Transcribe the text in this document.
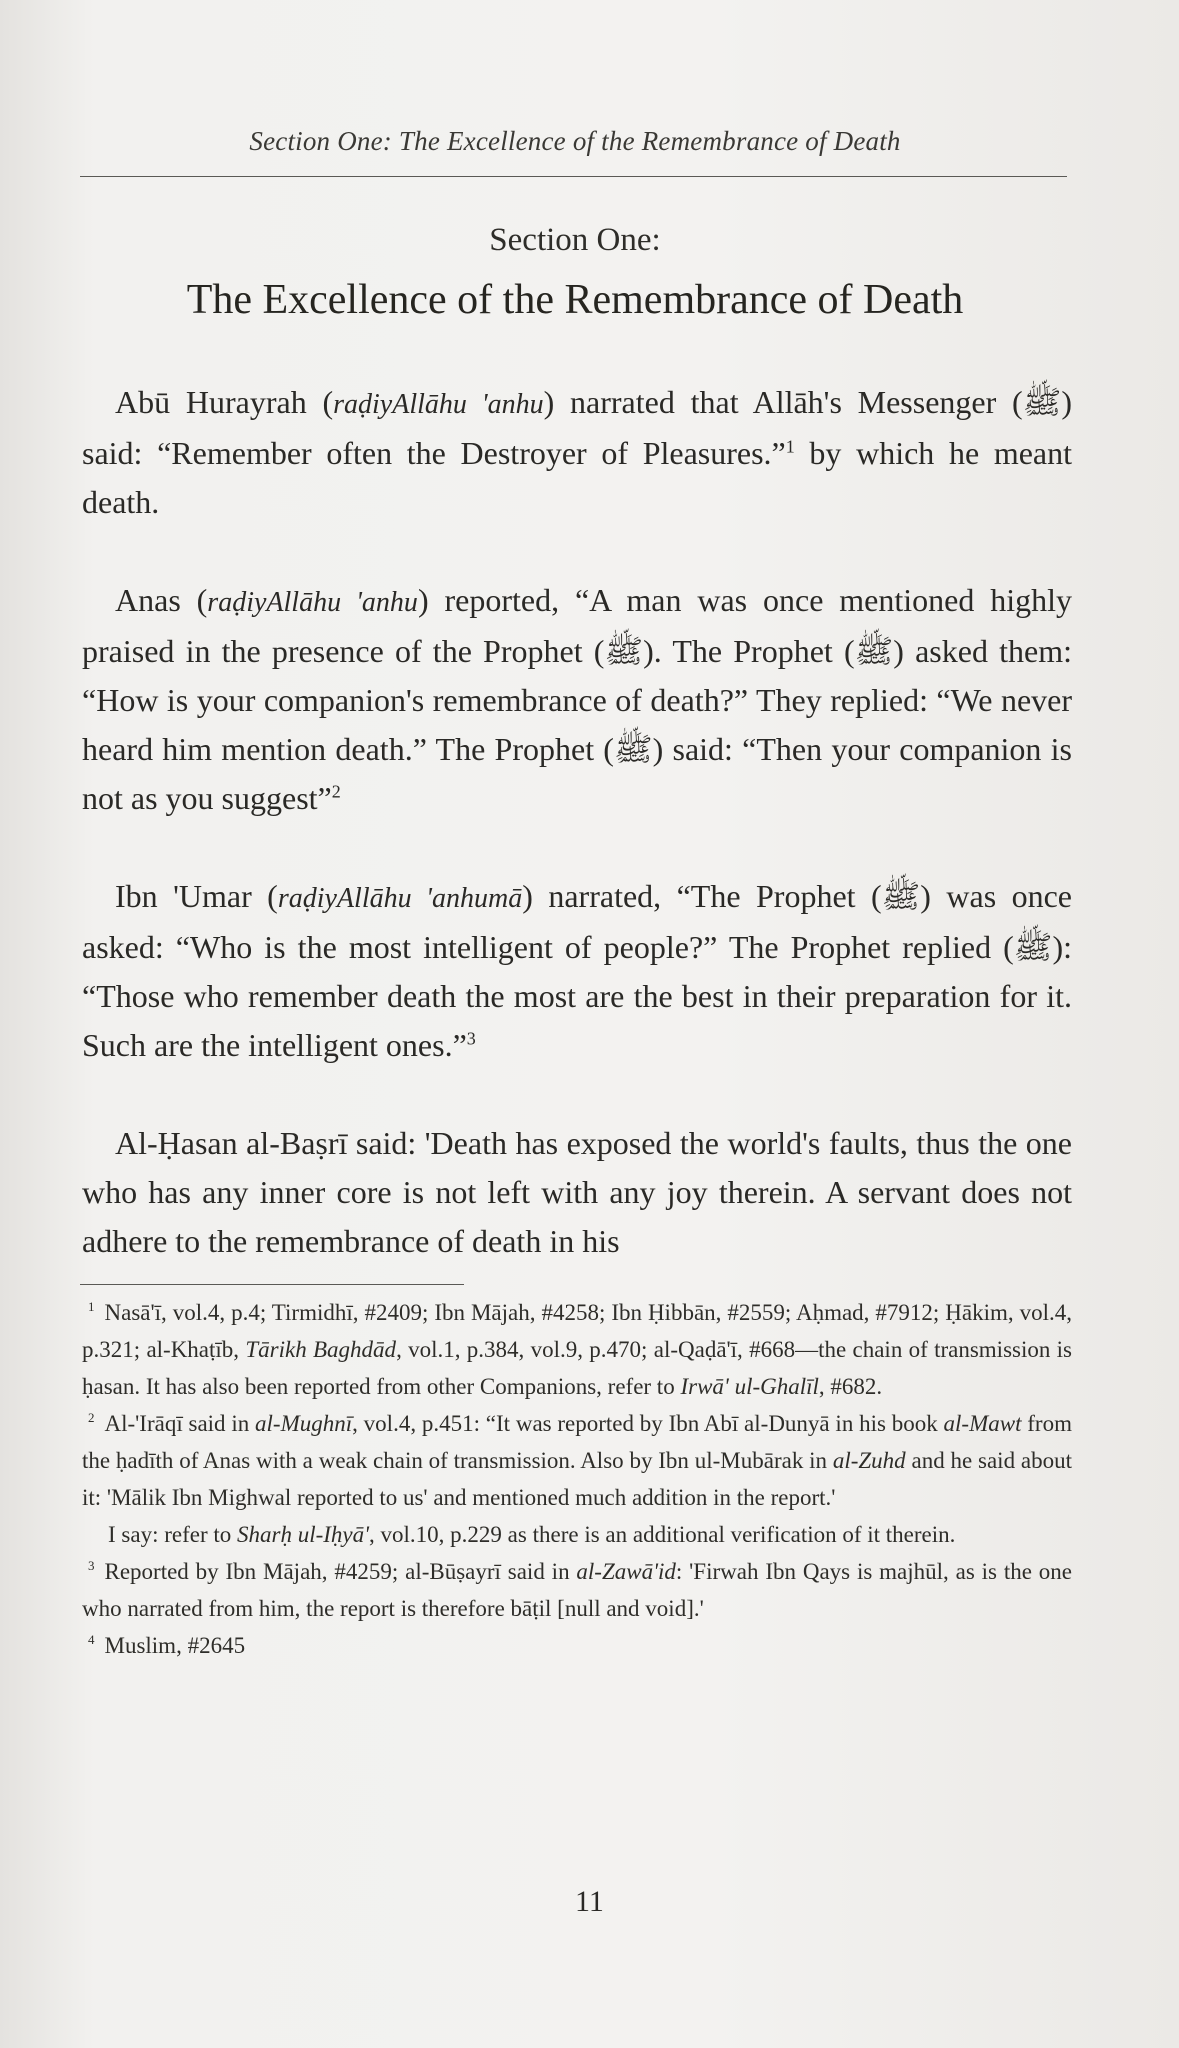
Section One: The Excellence of the Remembrance of Death
Section One:
The Excellence of the Remembrance of Death

Abū Hurayrah (raḍiyAllāhu 'anhu) narrated that Allāh's Messenger (ﷺ) said: “Remember often the Destroyer of Pleasures.”$^1$ by which he meant death.

Anas (raḍiyAllāhu 'anhu) reported, “A man was once mentioned highly praised in the presence of the Prophet (ﷺ). The Prophet (ﷺ) asked them: “How is your companion's remembrance of death?” They replied: “We never heard him mention death.” The Prophet (ﷺ) said: “Then your companion is not as you suggest”$^2$

Ibn 'Umar (raḍiyAllāhu 'anhumā) narrated, “The Prophet (ﷺ) was once asked: “Who is the most intelligent of people?” The Prophet replied (ﷺ): “Those who remember death the most are the best in their preparation for it. Such are the intelligent ones.”$^3$

Al-Ḥasan al-Baṣrī said: 'Death has exposed the world's faults, thus the one who has any inner core is not left with any joy therein. A servant does not adhere to the remembrance of death in his

$^1$ Nasā'ī, vol.4, p.4; Tirmidhī, #2409; Ibn Mājah, #4258; Ibn Ḥibbān, #2559; Aḥmad, #7912; Ḥākim, vol.4, p.321; al-Khaṭīb, Tārikh Baghdād, vol.1, p.384, vol.9, p.470; al-Qaḍā'ī, #668—the chain of transmission is ḥasan. It has also been reported from other Companions, refer to Irwā' ul-Ghalīl, #682.

$^2$ Al-'Irāqī said in al-Mughnī, vol.4, p.451: “It was reported by Ibn Abī al-Dunyā in his book al-Mawt from the ḥadīth of Anas with a weak chain of transmission. Also by Ibn ul-Mubārak in al-Zuhd and he said about it: 'Mālik Ibn Mighwal reported to us' and mentioned much addition in the report.'

I say: refer to Sharḥ ul-Iḥyā', vol.10, p.229 as there is an additional verification of it therein.

$^3$ Reported by Ibn Mājah, #4259; al-Būṣayrī said in al-Zawā'id: 'Firwah Ibn Qays is majhūl, as is the one who narrated from him, the report is therefore bāṭil [null and void].'

$^4$ Muslim, #2645

11
